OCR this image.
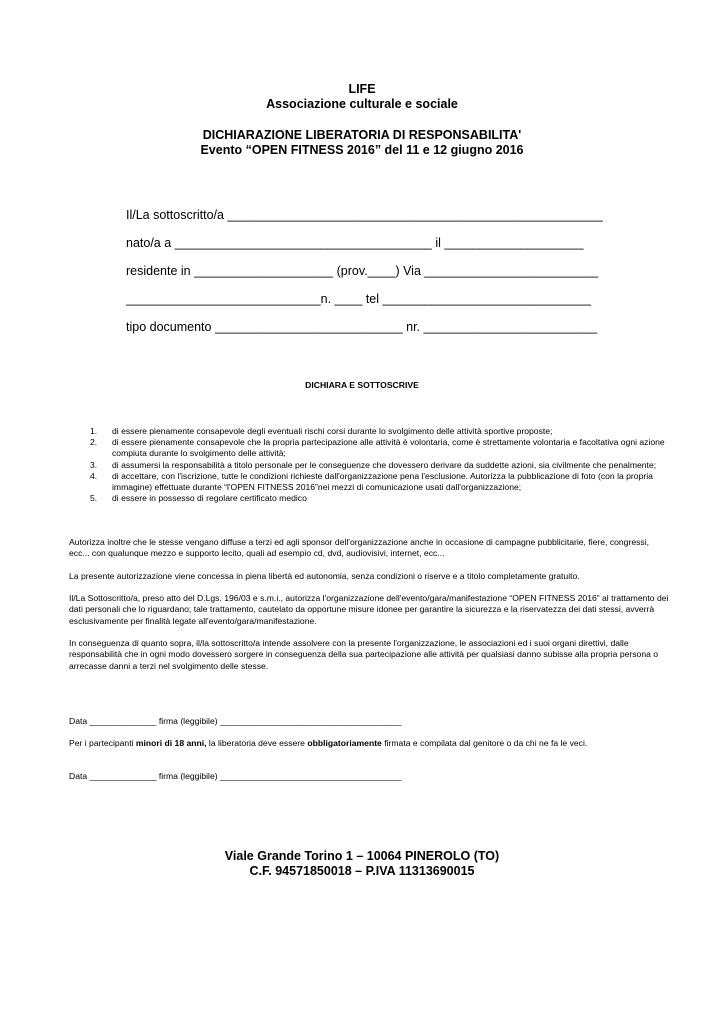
LIFE
Associazione culturale e sociale
DICHIARAZIONE LIBERATORIA DI RESPONSABILITA'
Evento “OPEN FITNESS 2016” del 11 e 12 giugno 2016
Il/La sottoscritto/a ______________________________________________________
nato/a a _____________________________________ il ____________________
residente in ____________________ (prov.____) Via _________________________
____________________________n. ____ tel ______________________________
tipo documento ___________________________ nr. _________________________
DICHIARA E SOTTOSCRIVE
1. di essere pienamente consapevole degli eventuali rischi corsi durante lo svolgimento delle attività sportive proposte;
2. di essere pienamente consapevole che la propria partecipazione alle attività è volontaria, come è strettamente volontaria e facoltativa ogni azione compiuta durante lo svolgimento delle attività;
3. di assumersi la responsabilità a titolo personale per le conseguenze che dovessero derivare da suddette azioni, sia civilmente che penalmente;
4. di accettare, con l'iscrizione, tutte le condizioni richieste dall'organizzazione pena l'esclusione. Autorizza la pubblicazione di foto (con la propria immagine) effettuate durante “l'OPEN FITNESS 2016”nei mezzi di comunicazione usati dall'organizzazione;
5. di essere in possesso di regolare certificato medico
Autorizza inoltre che le stesse vengano diffuse a terzi ed agli sponsor dell'organizzazione anche in occasione di campagne pubblicitarie, fiere, congressi, ecc... con qualunque mezzo e supporto lecito, quali ad esempio cd, dvd, audiovisivi, internet, ecc...
La presente autorizzazione viene concessa in piena libertà ed autonomia, senza condizioni o riserve e a titolo completamente gratuito.
Il/La Sottoscritto/a, preso atto del D.Lgs. 196/03 e s.m.i., autorizza l'organizzazione dell'evento/gara/manifestazione “OPEN FITNESS 2016” al trattamento dei dati personali che lo riguardano; tale trattamento, cautelato da opportune misure idonee per garantire la sicurezza e la riservatezza dei dati stessi, avverrà esclusivamente per finalità legate all'evento/gara/manifestazione.
In conseguenza di quanto sopra, il/la sottoscritto/a intende assolvere con la presente l'organizzazione, le associazioni ed i suoi organi direttivi, dalle responsabilità che in ogni modo dovessero sorgere in conseguenza della sua partecipazione alle attività per qualsiasi danno subisse alla propria persona o arrecasse danni a terzi nel svolgimento delle stesse.
Data ______________ firma (leggibile) ______________________________________
Per i partecipanti minori di 18 anni, la liberatoria deve essere obbligatoriamente firmata e compilata dal genitore o da chi ne fa le veci.
Data ______________ firma (leggibile) ______________________________________
Viale Grande Torino 1 – 10064 PINEROLO (TO)
C.F. 94571850018 – P.IVA 11313690015
